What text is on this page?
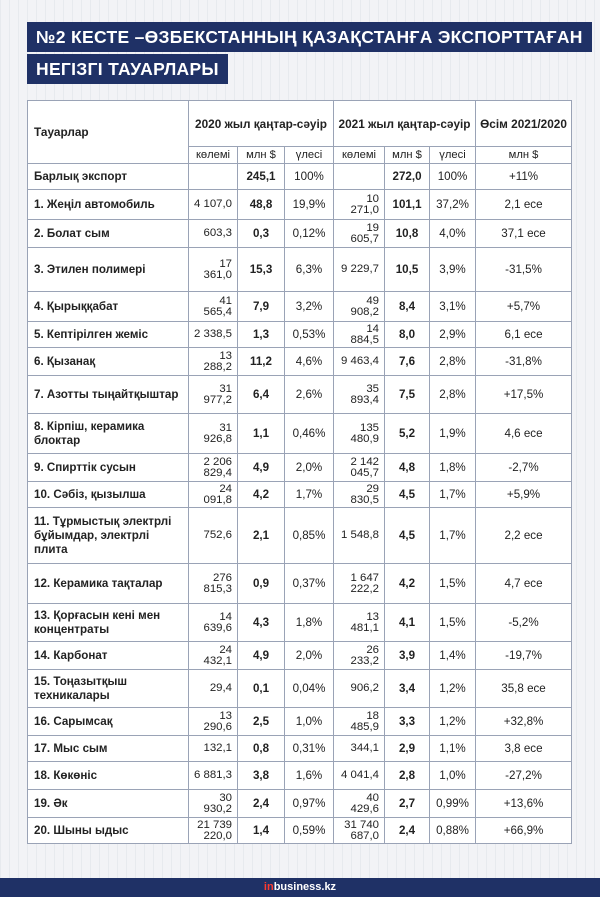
№2 КЕСТЕ –ӨЗБЕКСТАННЫҢ ҚАЗАҚСТАНҒА ЭКСПОРТТАҒАН
НЕГІЗГІ ТАУАРЛАРЫ
Тауарлар	2020 жыл қаңтар-сәуір			2021 жыл қаңтар-сәуір			Өсім 2021/2020
	көлемі	млн $	үлесі	көлемі	млн $	үлесі	млн $
Барлық экспорт		245,1	100%		272,0	100%	+11%
1. Жеңіл автомобиль	4 107,0	48,8	19,9%	10 271,0	101,1	37,2%	2,1 есе
2. Болат сым	603,3	0,3	0,12%	19 605,7	10,8	4,0%	37,1 есе
3. Этилен полимері	17 361,0	15,3	6,3%	9 229,7	10,5	3,9%	-31,5%
4. Қырыққабат	41 565,4	7,9	3,2%	49 908,2	8,4	3,1%	+5,7%
5. Кептірілген жеміс	2 338,5	1,3	0,53%	14 884,5	8,0	2,9%	6,1 есе
6. Қызанақ	13 288,2	11,2	4,6%	9 463,4	7,6	2,8%	-31,8%
7. Азотты тыңайтқыштар	31 977,2	6,4	2,6%	35 893,4	7,5	2,8%	+17,5%
8. Кірпіш, керамика блоктар	31 926,8	1,1	0,46%	135 480,9	5,2	1,9%	4,6 есе
9. Спирттік сусын	2 206 829,4	4,9	2,0%	2 142 045,7	4,8	1,8%	-2,7%
10. Сәбіз, қызылша	24 091,8	4,2	1,7%	29 830,5	4,5	1,7%	+5,9%
11. Тұрмыстық электрлі бұйымдар, электрлі плита	752,6	2,1	0,85%	1 548,8	4,5	1,7%	2,2 есе
12. Керамика тақталар	276 815,3	0,9	0,37%	1 647 222,2	4,2	1,5%	4,7 есе
13. Қорғасын кені мен концентраты	14 639,6	4,3	1,8%	13 481,1	4,1	1,5%	-5,2%
14. Карбонат	24 432,1	4,9	2,0%	26 233,2	3,9	1,4%	-19,7%
15. Тоңазытқыш техникалары	29,4	0,1	0,04%	906,2	3,4	1,2%	35,8 есе
16. Сарымсақ	13 290,6	2,5	1,0%	18 485,9	3,3	1,2%	+32,8%
17. Мыс сым	132,1	0,8	0,31%	344,1	2,9	1,1%	3,8 есе
18. Көкөніс	6 881,3	3,8	1,6%	4 041,4	2,8	1,0%	-27,2%
19. Әк	30 930,2	2,4	0,97%	40 429,6	2,7	0,99%	+13,6%
20. Шыны ыдыс	21 739 220,0	1,4	0,59%	31 740 687,0	2,4	0,88%	+66,9%
inbusiness.kz
